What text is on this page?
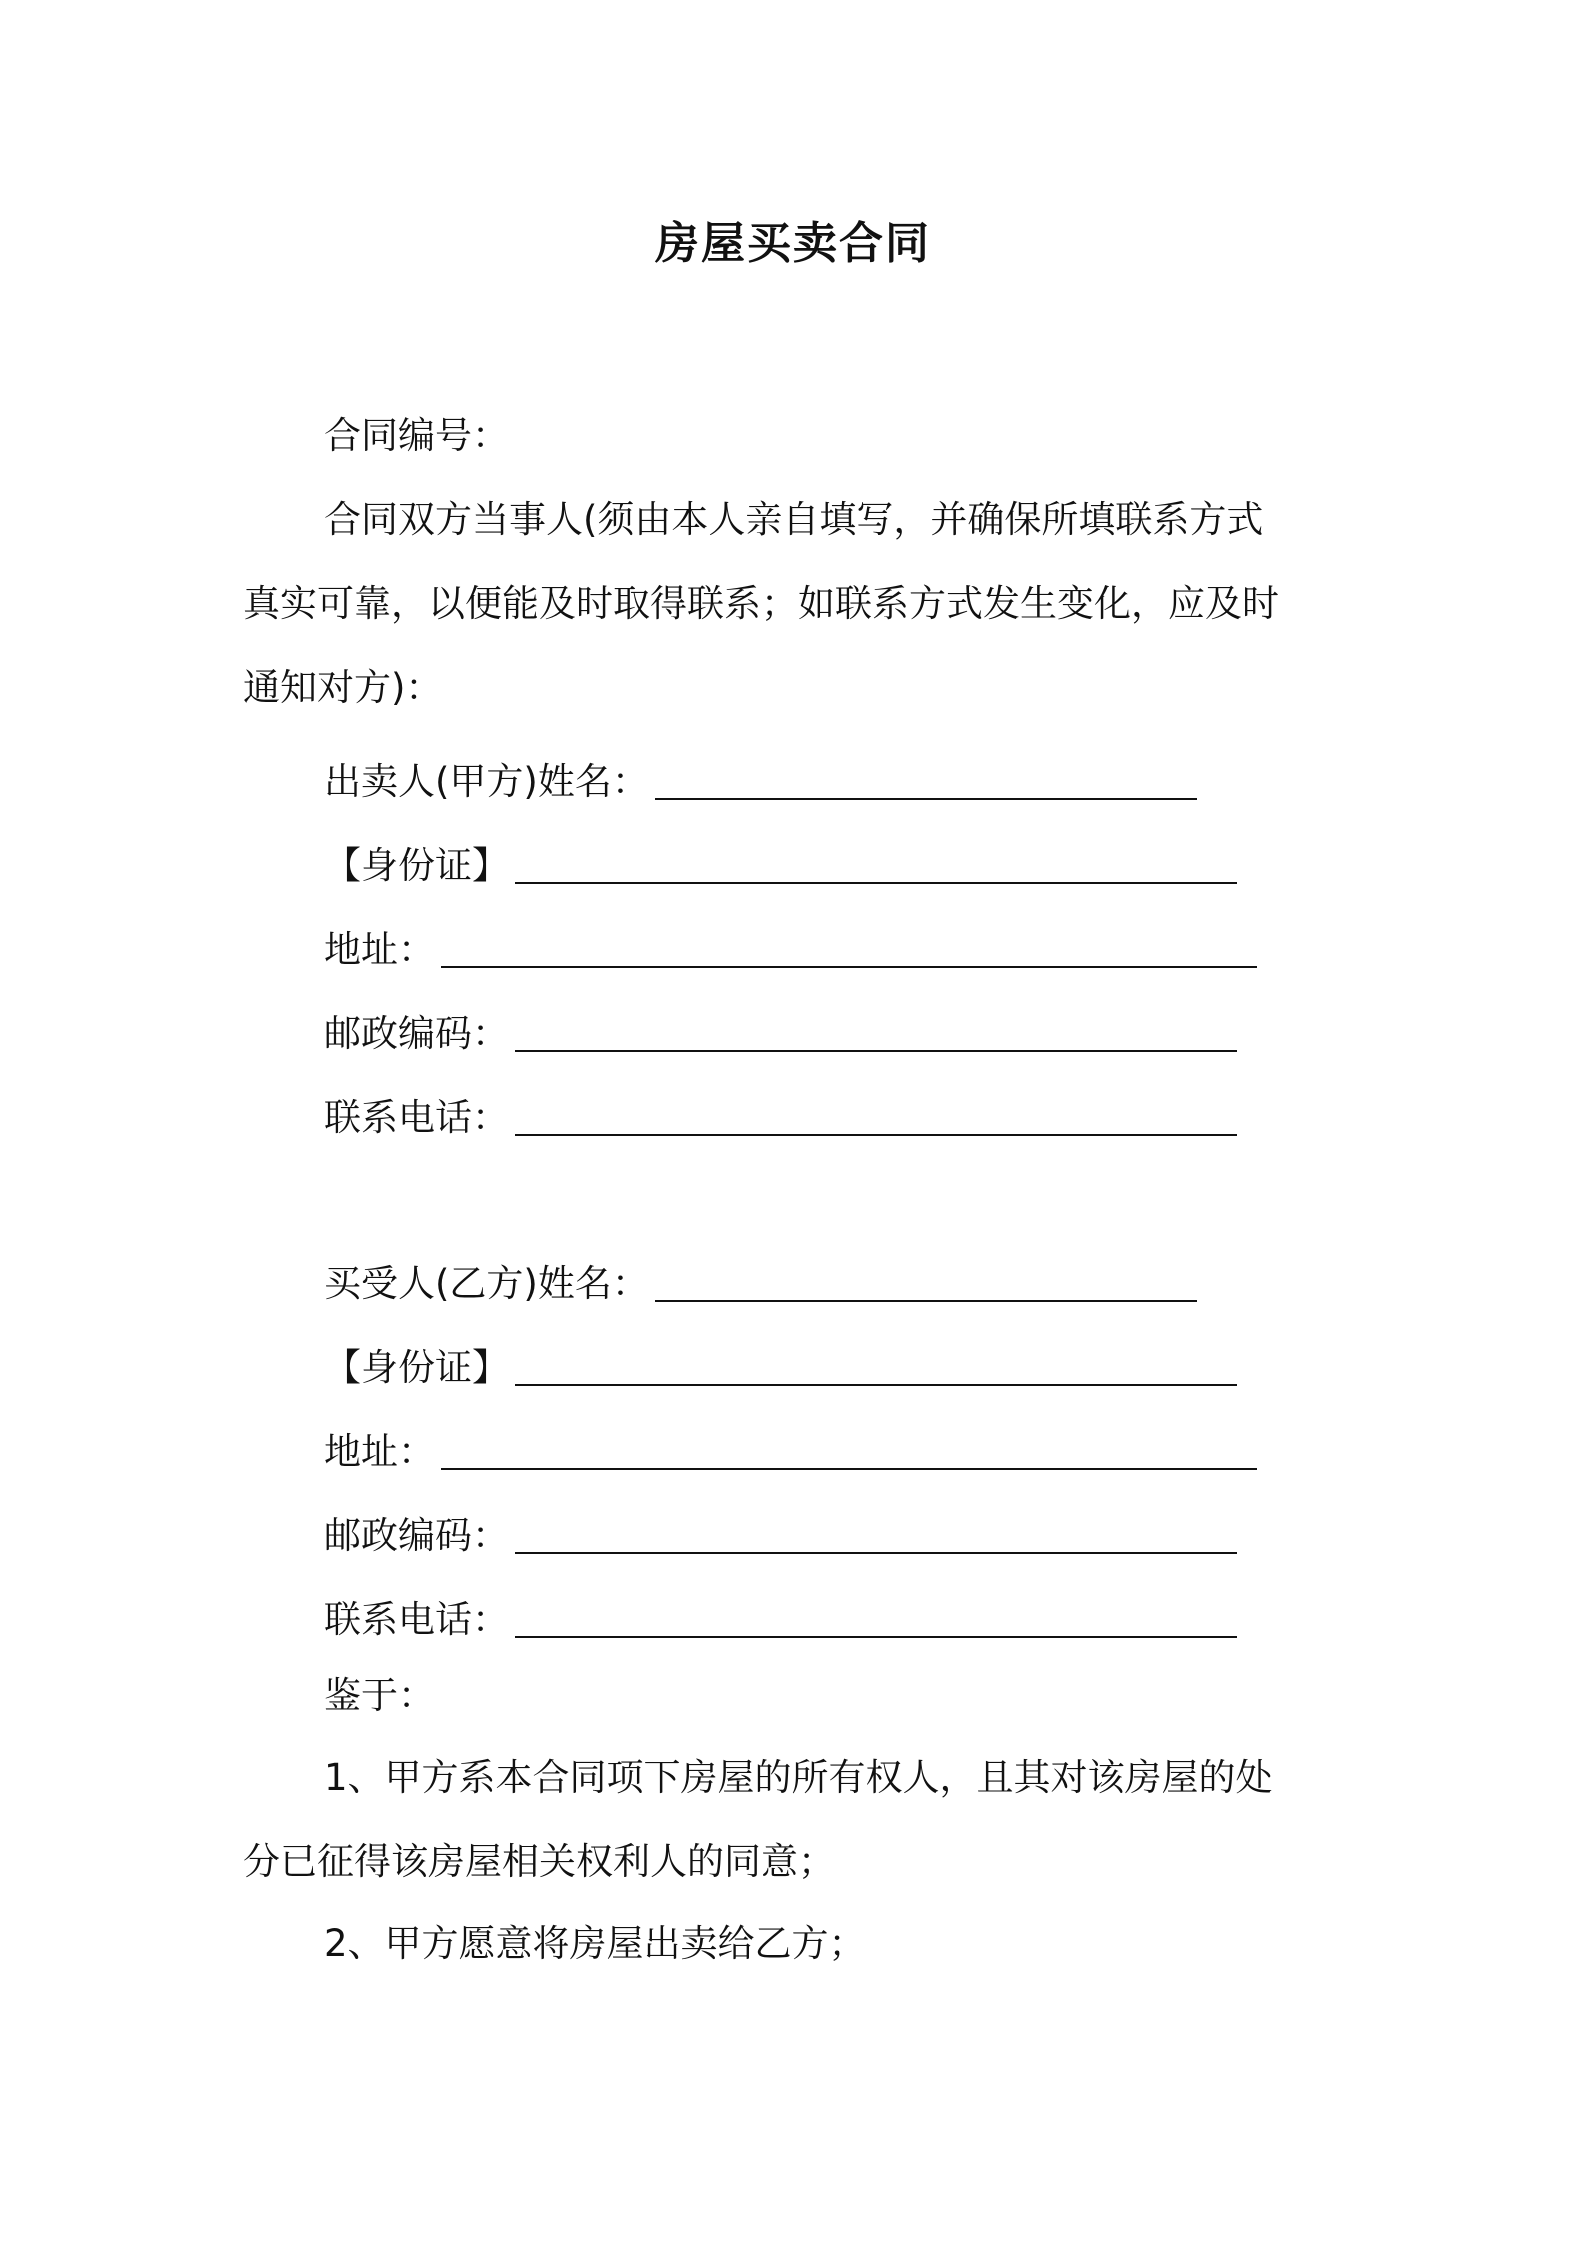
房屋买卖合同
合同编号：
合同双方当事人(须由本人亲自填写，并确保所填联系方式
真实可靠，以便能及时取得联系；如联系方式发生变化，应及时
通知对方)：
出卖人(甲方)姓名：
【身份证】
地址：
邮政编码：
联系电话：
买受人(乙方)姓名：
【身份证】
地址：
邮政编码：
联系电话：
鉴于：
1、甲方系本合同项下房屋的所有权人，且其对该房屋的处
分已征得该房屋相关权利人的同意；
2、甲方愿意将房屋出卖给乙方；
